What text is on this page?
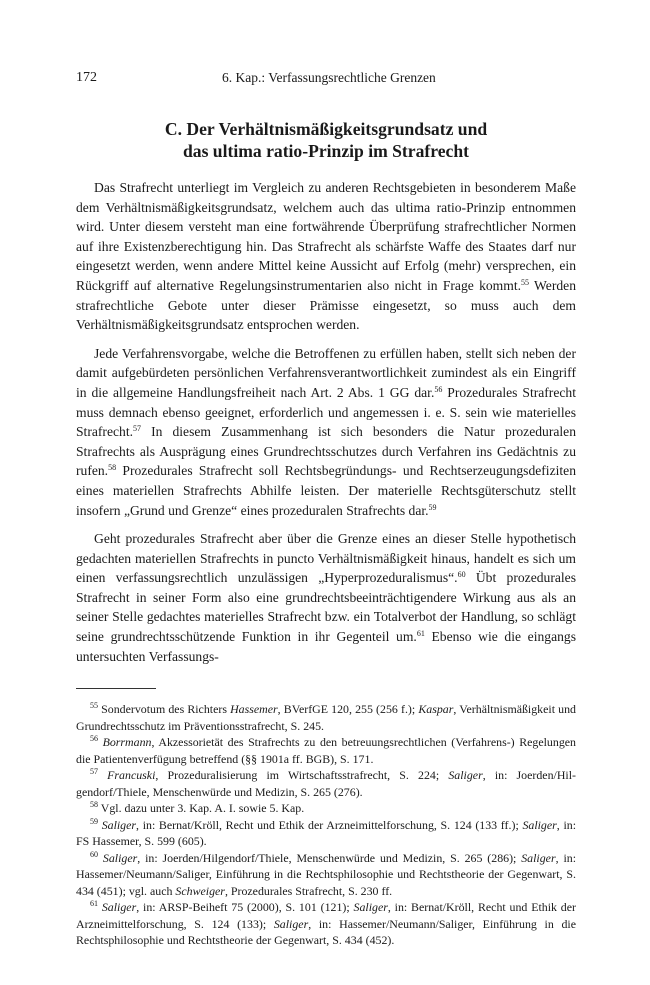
172	6. Kap.: Verfassungsrechtliche Grenzen
C. Der Verhältnismäßigkeitsgrundsatz und
das ultima ratio-Prinzip im Strafrecht

Das Strafrecht unterliegt im Vergleich zu anderen Rechtsgebieten in besonderem Maße dem Verhältnismäßigkeitsgrundsatz, welchem auch das ultima ratio-Prinzip entnommen wird. Unter diesem versteht man eine fortwährende Überprüfung strafrechtlicher Normen auf ihre Existenzberechtigung hin. Das Strafrecht als schärfste Waffe des Staates darf nur eingesetzt werden, wenn andere Mittel keine Aussicht auf Erfolg (mehr) versprechen, ein Rückgriff auf alternative Regelungsinstrumentarien also nicht in Frage kommt.$^{55}$ Werden strafrechtliche Gebote unter dieser Prämisse eingesetzt, so muss auch dem Verhältnismäßigkeitsgrundsatz entsprochen werden.

Jede Verfahrensvorgabe, welche die Betroffenen zu erfüllen haben, stellt sich neben der damit aufgebürdeten persönlichen Verfahrensverantwortlichkeit zumindest als ein Eingriff in die allgemeine Handlungsfreiheit nach Art. 2 Abs. 1 GG dar.$^{56}$ Prozedurales Strafrecht muss demnach ebenso geeignet, erforderlich und angemessen i. e. S. sein wie materielles Strafrecht.$^{57}$ In diesem Zusammenhang ist sich besonders die Natur prozeduralen Strafrechts als Ausprägung eines Grundrechtsschutzes durch Verfahren ins Gedächtnis zu rufen.$^{58}$ Prozedurales Strafrecht soll Rechtsbegründungs- und Rechtserzeugungsdefiziten eines materiellen Strafrechts Abhilfe leisten. Der materielle Rechtsgüterschutz stellt insofern „Grund und Grenze“ eines prozeduralen Strafrechts dar.$^{59}$

Geht prozedurales Strafrecht aber über die Grenze eines an dieser Stelle hypothetisch gedachten materiellen Strafrechts in puncto Verhältnismäßigkeit hinaus, handelt es sich um einen verfassungsrechtlich unzulässigen „Hyperprozeduralismus“.$^{60}$ Übt prozedurales Strafrecht in seiner Form also eine grundrechtsbeeinträchtigendere Wirkung aus als an seiner Stelle gedachtes materielles Strafrecht bzw. ein Totalverbot der Handlung, so schlägt seine grundrechtsschützende Funktion in ihr Gegenteil um.$^{61}$ Ebenso wie die eingangs untersuchten Verfassungs-

$^{55}$ Sondervotum des Richters Hassemer, BVerfGE 120, 255 (256 f.); Kaspar, Verhältnismäßigkeit und Grundrechtsschutz im Präventionsstrafrecht, S. 245.

$^{56}$ Borrmann, Akzessorietät des Strafrechts zu den betreuungsrechtlichen (Verfahrens-) Regelungen die Patientenverfügung betreffend (§§ 1901a ff. BGB), S. 171.

$^{57}$ Francuski, Prozeduralisierung im Wirtschaftsstrafrecht, S. 224; Saliger, in: Joerden/Hilgendorf/Thiele, Menschenwürde und Medizin, S. 265 (276).

$^{58}$ Vgl. dazu unter 3. Kap. A. I. sowie 5. Kap.

$^{59}$ Saliger, in: Bernat/Kröll, Recht und Ethik der Arzneimittelforschung, S. 124 (133 ff.); Saliger, in: FS Hassemer, S. 599 (605).

$^{60}$ Saliger, in: Joerden/Hilgendorf/Thiele, Menschenwürde und Medizin, S. 265 (286); Saliger, in: Hassemer/Neumann/Saliger, Einführung in die Rechtsphilosophie und Rechtstheorie der Gegenwart, S. 434 (451); vgl. auch Schweiger, Prozedurales Strafrecht, S. 230 ff.

$^{61}$ Saliger, in: ARSP-Beiheft 75 (2000), S. 101 (121); Saliger, in: Bernat/Kröll, Recht und Ethik der Arzneimittelforschung, S. 124 (133); Saliger, in: Hassemer/Neumann/Saliger, Einführung in die Rechtsphilosophie und Rechtstheorie der Gegenwart, S. 434 (452).
